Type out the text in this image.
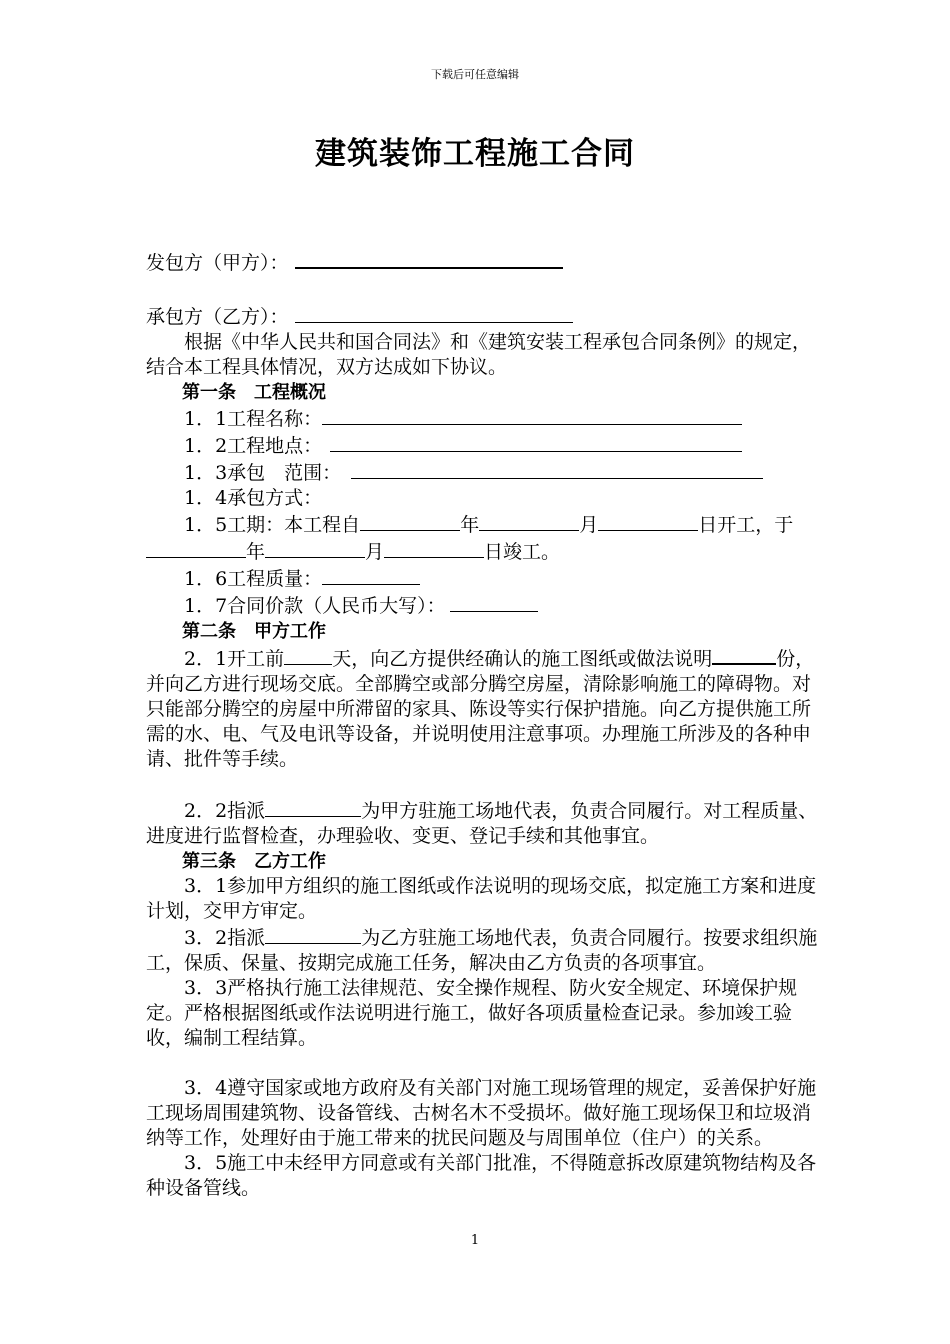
下载后可任意编辑
建筑装饰工程施工合同

发包方（甲方）：

承包方（乙方）：

根据《中华人民共和国合同法》和《建筑安装工程承包合同条例》的规定，结合本工程具体情况，双方达成如下协议。

第一条　工程概况

1．1工程名称：

1．2工程地点：

1．3承包　范围：

1．4承包方式：

1．5工期：本工程自	年	月	日开工，于年	月	日竣工。

1．6工程质量：

1．7合同价款（人民币大写）：

第二条　甲方工作

2．1开工前	天，向乙方提供经确认的施工图纸或做法说明	份，并向乙方进行现场交底。全部腾空或部分腾空房屋，清除影响施工的障碍物。对只能部分腾空的房屋中所滞留的家具、陈设等实行保护措施。向乙方提供施工所需的水、电、气及电讯等设备，并说明使用注意事项。办理施工所涉及的各种申请、批件等手续。

2．2指派	为甲方驻施工场地代表，负责合同履行。对工程质量、进度进行监督检查，办理验收、变更、登记手续和其他事宜。

第三条　乙方工作

3．1参加甲方组织的施工图纸或作法说明的现场交底，拟定施工方案和进度计划，交甲方审定。

3．2指派	为乙方驻施工场地代表，负责合同履行。按要求组织施工，保质、保量、按期完成施工任务，解决由乙方负责的各项事宜。

3．3严格执行施工法律规范、安全操作规程、防火安全规定、环境保护规定。严格根据图纸或作法说明进行施工，做好各项质量检查记录。参加竣工验收，编制工程结算。

3．4遵守国家或地方政府及有关部门对施工现场管理的规定，妥善保护好施工现场周围建筑物、设备管线、古树名木不受损坏。做好施工现场保卫和垃圾消纳等工作，处理好由于施工带来的扰民问题及与周围单位（住户）的关系。

3．5施工中未经甲方同意或有关部门批准，不得随意拆改原建筑物结构及各种设备管线。

1
